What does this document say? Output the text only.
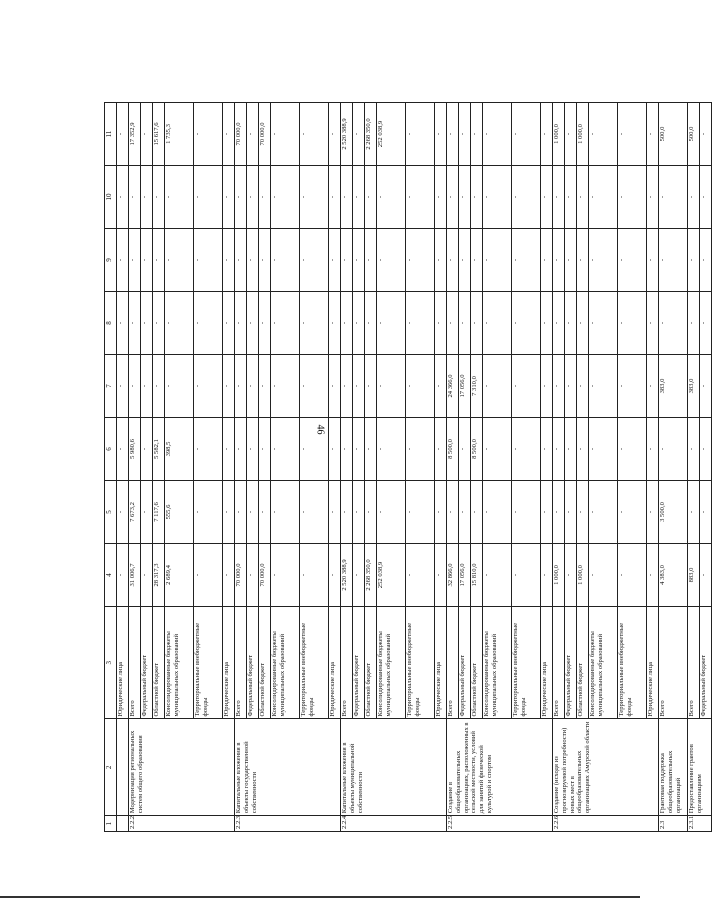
46
1	2	3	4	5	6	7	8	9	10	11
		Юридические лица	-	-	-	-	-	-	-	-
2.2.2	Модернизация региональных систем общего образования	Всего	31 006,7	7 673,2	5 980,6	-	-	-	-	17 352,9
		Федеральный бюджет	-	-	-	-	-	-	-	-
		Областной бюджет	28 317,3	7 117,6	5 582,1	-	-	-	-	15 617,6
		Консолидированные бюджеты муниципальных образований	2 689,4	555,6	398,5	-	-	-	-	1 735,3
		Территориальные внебюджетные фонды	-	-	-	-	-	-	-	-
		Юридические лица	-	-	-	-	-	-	-	-
2.2.3	Капитальные вложения в объекты государственной собственности	Всего	70 000,0	-	-	-	-	-	-	70 000,0
		Федеральный бюджет	-	-	-	-	-	-	-	-
		Областной бюджет	70 000,0	-	-	-	-	-	-	70 000,0
		Консолидированные бюджеты муниципальных образований	-	-	-	-	-	-	-	-
		Территориальные внебюджетные фонды	-	-	-	-	-	-	-	-
		Юридические лица	-	-	-	-	-	-	-	-
2.2.4	Капитальные вложения в объекты муниципальной собственности	Всего	2 520 388,9	-	-	-	-	-	-	2 520 388,9
		Федеральный бюджет	-	-	-	-	-	-	-	-
		Областной бюджет	2 268 350,0	-	-	-	-	-	-	2 268 350,0
		Консолидированные бюджеты муниципальных образований	252 038,9	-	-	-	-	-	-	252 038,9
		Территориальные внебюджетные фонды	-	-	-	-	-	-	-	-
		Юридические лица	-	-	-	-	-	-	-	-
2.2.5	Создание в общеобразовательных организациях, расположенных в сельской местности, условий для занятий физической культурой и спортом	Всего	32 866,0	-	8 500,0	24 366,0	-	-	-	-
		Федеральный бюджет	17 056,0	-	-	17 056,0	-	-	-	-
		Областной бюджет	15 810,0	-	8 500,0	7 310,0	-	-	-	-
		Консолидированные бюджеты муниципальных образований	-	-	-	-	-	-	-	-
		Территориальные внебюджетные фонды	-	-	-	-	-	-	-	-
		Юридические лица	-	-	-	-	-	-	-	-
2.2.6	Создание (исходя из прогнозируемой потребности) новых мест в общеобразовательных организациях Амурской области	Всего	1 000,0	-	-	-	-	-	-	1 000,0
		Федеральный бюджет	-	-	-	-	-	-	-	-
		Областной бюджет	1 000,0	-	-	-	-	-	-	1 000,0
		Консолидированные бюджеты муниципальных образований	-	-	-	-	-	-	-	-
		Территориальные внебюджетные фонды	-	-	-	-	-	-	-	-
		Юридические лица	-	-	-	-	-	-	-	-
2.3	Грантовая поддержка общеобразовательных организаций	Всего	4 383,0	3 500,0	-	383,0	-	-	-	500,0
2.3.1	Предоставление грантов организациям	Всего	883,0	-	-	383,0	-	-	-	500,0
		Федеральный бюджет	-	-	-	-	-	-	-	-
